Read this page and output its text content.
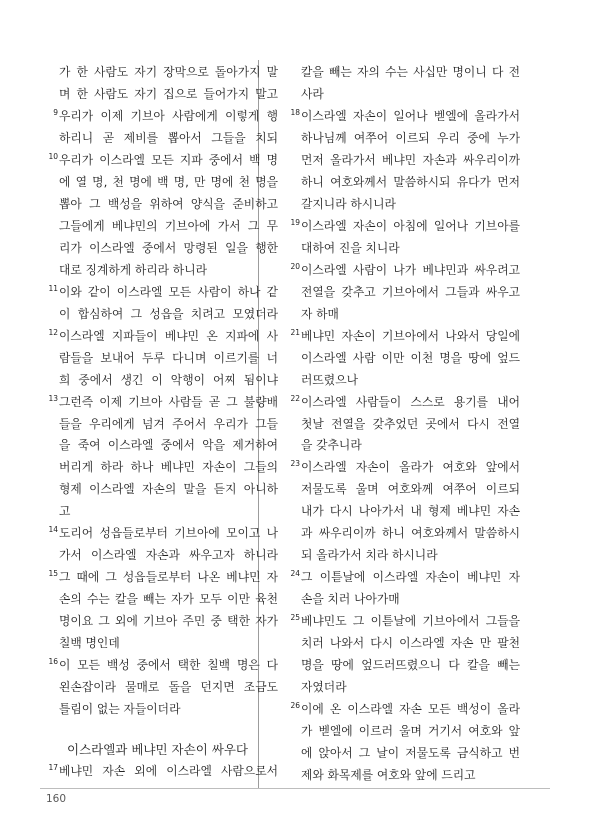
가 한 사람도 자기 장막으로 돌아가지 말
며 한 사람도 자기 집으로 들어가지 말고
9 우리가 이제 기브아 사람에게 이렇게 행
하리니 곧 제비를 뽑아서 그들을 치되
10 우리가 이스라엘 모든 지파 중에서 백 명
에 열 명, 천 명에 백 명, 만 명에 천 명을
뽑아 그 백성을 위하여 양식을 준비하고
그들에게 베냐민의 기브아에 가서 그 무
리가 이스라엘 중에서 망령된 일을 행한
대로 징계하게 하리라 하니라
11 이와 같이 이스라엘 모든 사람이 하나 같
이 합심하여 그 성읍을 치려고 모였더라
12 이스라엘 지파들이 베냐민 온 지파에 사
람들을 보내어 두루 다니며 이르기를 너
희 중에서 생긴 이 악행이 어찌 됨이냐
13 그런즉 이제 기브아 사람들 곧 그 불량배
들을 우리에게 넘겨 주어서 우리가 그들
을 죽여 이스라엘 중에서 악을 제거하여
버리게 하라 하나 베냐민 자손이 그들의
형제 이스라엘 자손의 말을 듣지 아니하
고
14 도리어 성읍들로부터 기브아에 모이고 나
가서 이스라엘 자손과 싸우고자 하니라
15 그 때에 그 성읍들로부터 나온 베냐민 자
손의 수는 칼을 빼는 자가 모두 이만 육천
명이요 그 외에 기브아 주민 중 택한 자가
칠백 명인데
16 이 모든 백성 중에서 택한 칠백 명은 다
왼손잡이라 물매로 돌을 던지면 조금도
틀림이 없는 자들이더라
이스라엘과 베냐민 자손이 싸우다
17 베냐민 자손 외에 이스라엘 사람으로서
칼을 빼는 자의 수는 사십만 명이니 다 전
사라
18 이스라엘 자손이 일어나 벧엘에 올라가서
하나님께 여쭈어 이르되 우리 중에 누가
먼저 올라가서 베냐민 자손과 싸우리이까
하니 여호와께서 말씀하시되 유다가 먼저
갈지니라 하시니라
19 이스라엘 자손이 아침에 일어나 기브아를
대하여 진을 치니라
20 이스라엘 사람이 나가 베냐민과 싸우려고
전열을 갖추고 기브아에서 그들과 싸우고
자 하매
21 베냐민 자손이 기브아에서 나와서 당일에
이스라엘 사람 이만 이천 명을 땅에 엎드
러뜨렸으나
22 이스라엘 사람들이 스스로 용기를 내어
첫날 전열을 갖추었던 곳에서 다시 전열
을 갖추니라
23 이스라엘 자손이 올라가 여호와 앞에서
저물도록 울며 여호와께 여쭈어 이르되
내가 다시 나아가서 내 형제 베냐민 자손
과 싸우리이까 하니 여호와께서 말씀하시
되 올라가서 치라 하시니라
24 그 이튿날에 이스라엘 자손이 베냐민 자
손을 치러 나아가매
25 베냐민도 그 이튿날에 기브아에서 그들을
치러 나와서 다시 이스라엘 자손 만 팔천
명을 땅에 엎드러뜨렸으니 다 칼을 빼는
자였더라
26 이에 온 이스라엘 자손 모든 백성이 올라
가 벧엘에 이르러 울며 거기서 여호와 앞
에 앉아서 그 날이 저물도록 금식하고 번
제와 화목제를 여호와 앞에 드리고
160
